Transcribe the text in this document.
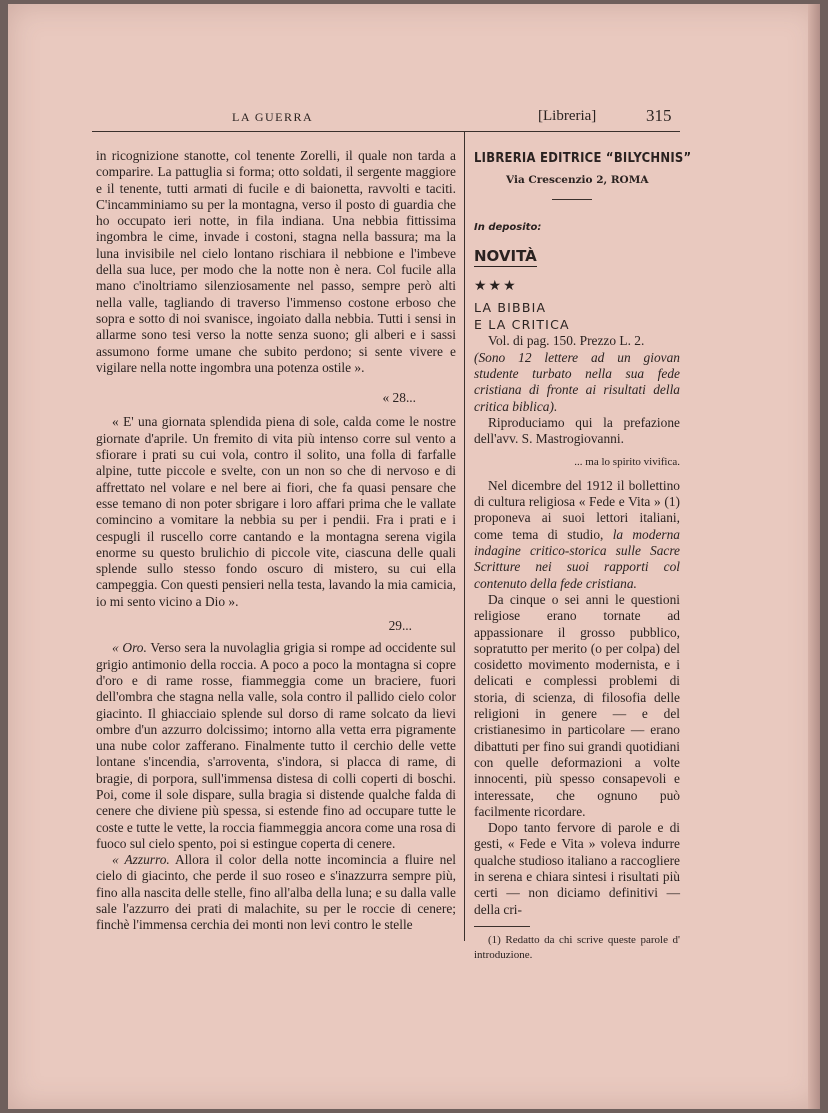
LA GUERRA	[Libreria]	315

in ricognizione stanotte, col tenente Zorelli, il quale non tarda a comparire. La pattuglia si forma; otto soldati, il sergente maggiore e il tenente, tutti armati di fucile e di baionetta, ravvolti e taciti. C'incamminiamo su per la montagna, verso il posto di guardia che ho occupato ieri notte, in fila indiana. Una nebbia fittissima ingombra le cime, invade i costoni, stagna nella bassura; ma la luna invisibile nel cielo lontano rischiara il nebbione e l'imbeve della sua luce, per modo che la notte non è nera. Col fucile alla mano c'inoltriamo silenziosamente nel passo, sempre però alti nella valle, tagliando di traverso l'immenso costone erboso che sopra e sotto di noi svanisce, ingoiato dalla nebbia. Tutti i sensi in allarme sono tesi verso la notte senza suono; gli alberi e i sassi assumono forme umane che subito perdono; si sente vivere e vigilare nella notte ingombra una potenza ostile ».

« 28...

« E' una giornata splendida piena di sole, calda come le nostre giornate d'aprile. Un fremito di vita più intenso corre sul vento a sfiorare i prati su cui vola, contro il solito, una folla di farfalle alpine, tutte piccole e svelte, con un non so che di nervoso e di affrettato nel volare e nel bere ai fiori, che fa quasi pensare che esse temano di non poter sbrigare i loro affari prima che le vallate comincino a vomitare la nebbia su per i pendii. Fra i prati e i cespugli il ruscello corre cantando e la montagna serena vigila enorme su questo brulichio di piccole vite, ciascuna delle quali splende sullo stesso fondo oscuro di mistero, su cui ella campeggia. Con questi pensieri nella testa, lavando la mia camicia, io mi sento vicino a Dio ».

29...

« Oro. Verso sera la nuvolaglia grigia si rompe ad occidente sul grigio antimonio della roccia. A poco a poco la montagna si copre d'oro e di rame rosse, fiammeggia come un braciere, fuori dell'ombra che stagna nella valle, sola contro il pallido cielo color giacinto. Il ghiacciaio splende sul dorso di rame solcato da lievi ombre d'un azzurro dolcissimo; intorno alla vetta erra pigramente una nube color zafferano. Finalmente tutto il cerchio delle vette lontane s'incendia, s'arroventa, s'indora, si placca di rame, di bragie, di porpora, sull'immensa distesa di colli coperti di boschi. Poi, come il sole dispare, sulla bragia si distende qualche falda di cenere che diviene più spessa, si estende fino ad occupare tutte le coste e tutte le vette, la roccia fiammeggia ancora come una rosa di fuoco sul cielo spento, poi si estingue coperta di cenere.

« Azzurro. Allora il color della notte incomincia a fluire nel cielo di giacinto, che perde il suo roseo e s'inazzurra sempre più, fino alla nascita delle stelle, fino all'alba della luna; e su dalla valle sale l'azzurro dei prati di malachite, su per le roccie di cenere; finchè l'immensa cerchia dei monti non levi contro le stelle

LIBRERIA EDITRICE “BILYCHNIS”
Via Crescenzio 2, ROMA
In deposito:
NOVITÀ
★★★
LA BIBBIA
E LA CRITICA

Vol. di pag. 150. Prezzo L. 2.

(Sono 12 lettere ad un giovan studente turbato nella sua fede cristiana di fronte ai risultati della critica biblica).

Riproduciamo qui la prefazione dell'avv. S. Mastrogiovanni.

... ma lo spirito vivifica.

Nel dicembre del 1912 il bollettino di cultura religiosa « Fede e Vita » (1) proponeva ai suoi lettori italiani, come tema di studio, la moderna indagine critico-storica sulle Sacre Scritture nei suoi rapporti col contenuto della fede cristiana.

Da cinque o sei anni le questioni religiose erano tornate ad appassionare il grosso pubblico, sopratutto per merito (o per colpa) del cosidetto movimento modernista, e i delicati e complessi problemi di storia, di scienza, di filosofia delle religioni in genere — e del cristianesimo in particolare — erano dibattuti per fino sui grandi quotidiani con quelle deformazioni a volte innocenti, più spesso consapevoli e interessate, che ognuno può facilmente ricordare.

Dopo tanto fervore di parole e di gesti, « Fede e Vita » voleva indurre qualche studioso italiano a raccogliere in serena e chiara sintesi i risultati più certi — non diciamo definitivi — della cri-

(1) Redatto da chi scrive queste parole d' introduzione.
